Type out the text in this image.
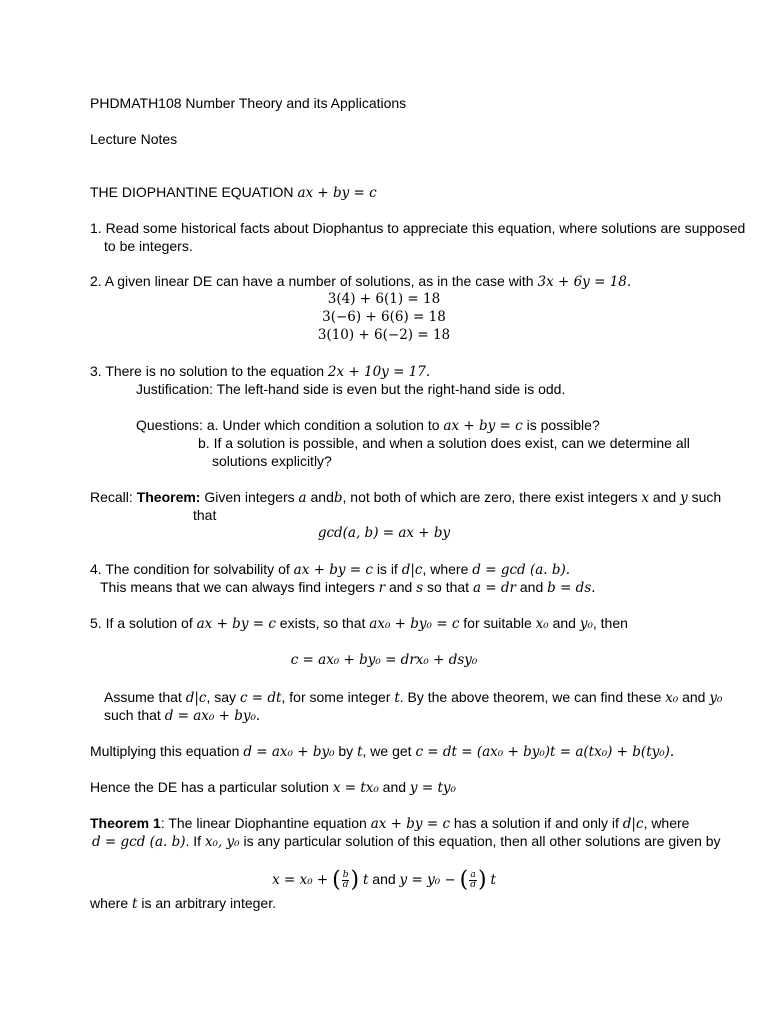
PHDMATH108 Number Theory and its Applications
Lecture Notes
THE DIOPHANTINE EQUATION ax + by = c
1. Read some historical facts about Diophantus to appreciate this equation, where solutions are supposed
to be integers.
2. A given linear DE can have a number of solutions, as in the case with 3x + 6y = 18.
3(4) + 6(1) = 18
3(−6) + 6(6) = 18
3(10) + 6(−2) = 18
3. There is no solution to the equation 2x + 10y = 17.
Justification: The left-hand side is even but the right-hand side is odd.
Questions: a. Under which condition a solution to ax + by = c is possible?
b. If a solution is possible, and when a solution does exist, can we determine all
solutions explicitly?
Recall: Theorem: Given integers a andb, not both of which are zero, there exist integers x and y such
that
gcd(a, b) = ax + by
4. The condition for solvability of ax + by = c is if d|c, where d = gcd (a. b).
This means that we can always find integers r and s so that a = dr and b = ds.
5. If a solution of ax + by = c exists, so that ax₀ + by₀ = c for suitable x₀ and y₀, then
c = ax₀ + by₀ = drx₀ + dsy₀
Assume that d|c, say c = dt, for some integer t. By the above theorem, we can find these x₀ and y₀
such that d = ax₀ + by₀.
Multiplying this equation d = ax₀ + by₀ by t, we get c = dt = (ax₀ + by₀)t = a(tx₀) + b(ty₀).
Hence the DE has a particular solution x = tx₀ and y = ty₀
Theorem 1: The linear Diophantine equation ax + by = c has a solution if and only if d|c, where
d = gcd (a. b). If x₀, y₀ is any particular solution of this equation, then all other solutions are given by
x = x₀ + ( $\frac{b}{d}$ ) t and y = y₀ − ( $\frac{a}{d}$ ) t
where t is an arbitrary integer.
